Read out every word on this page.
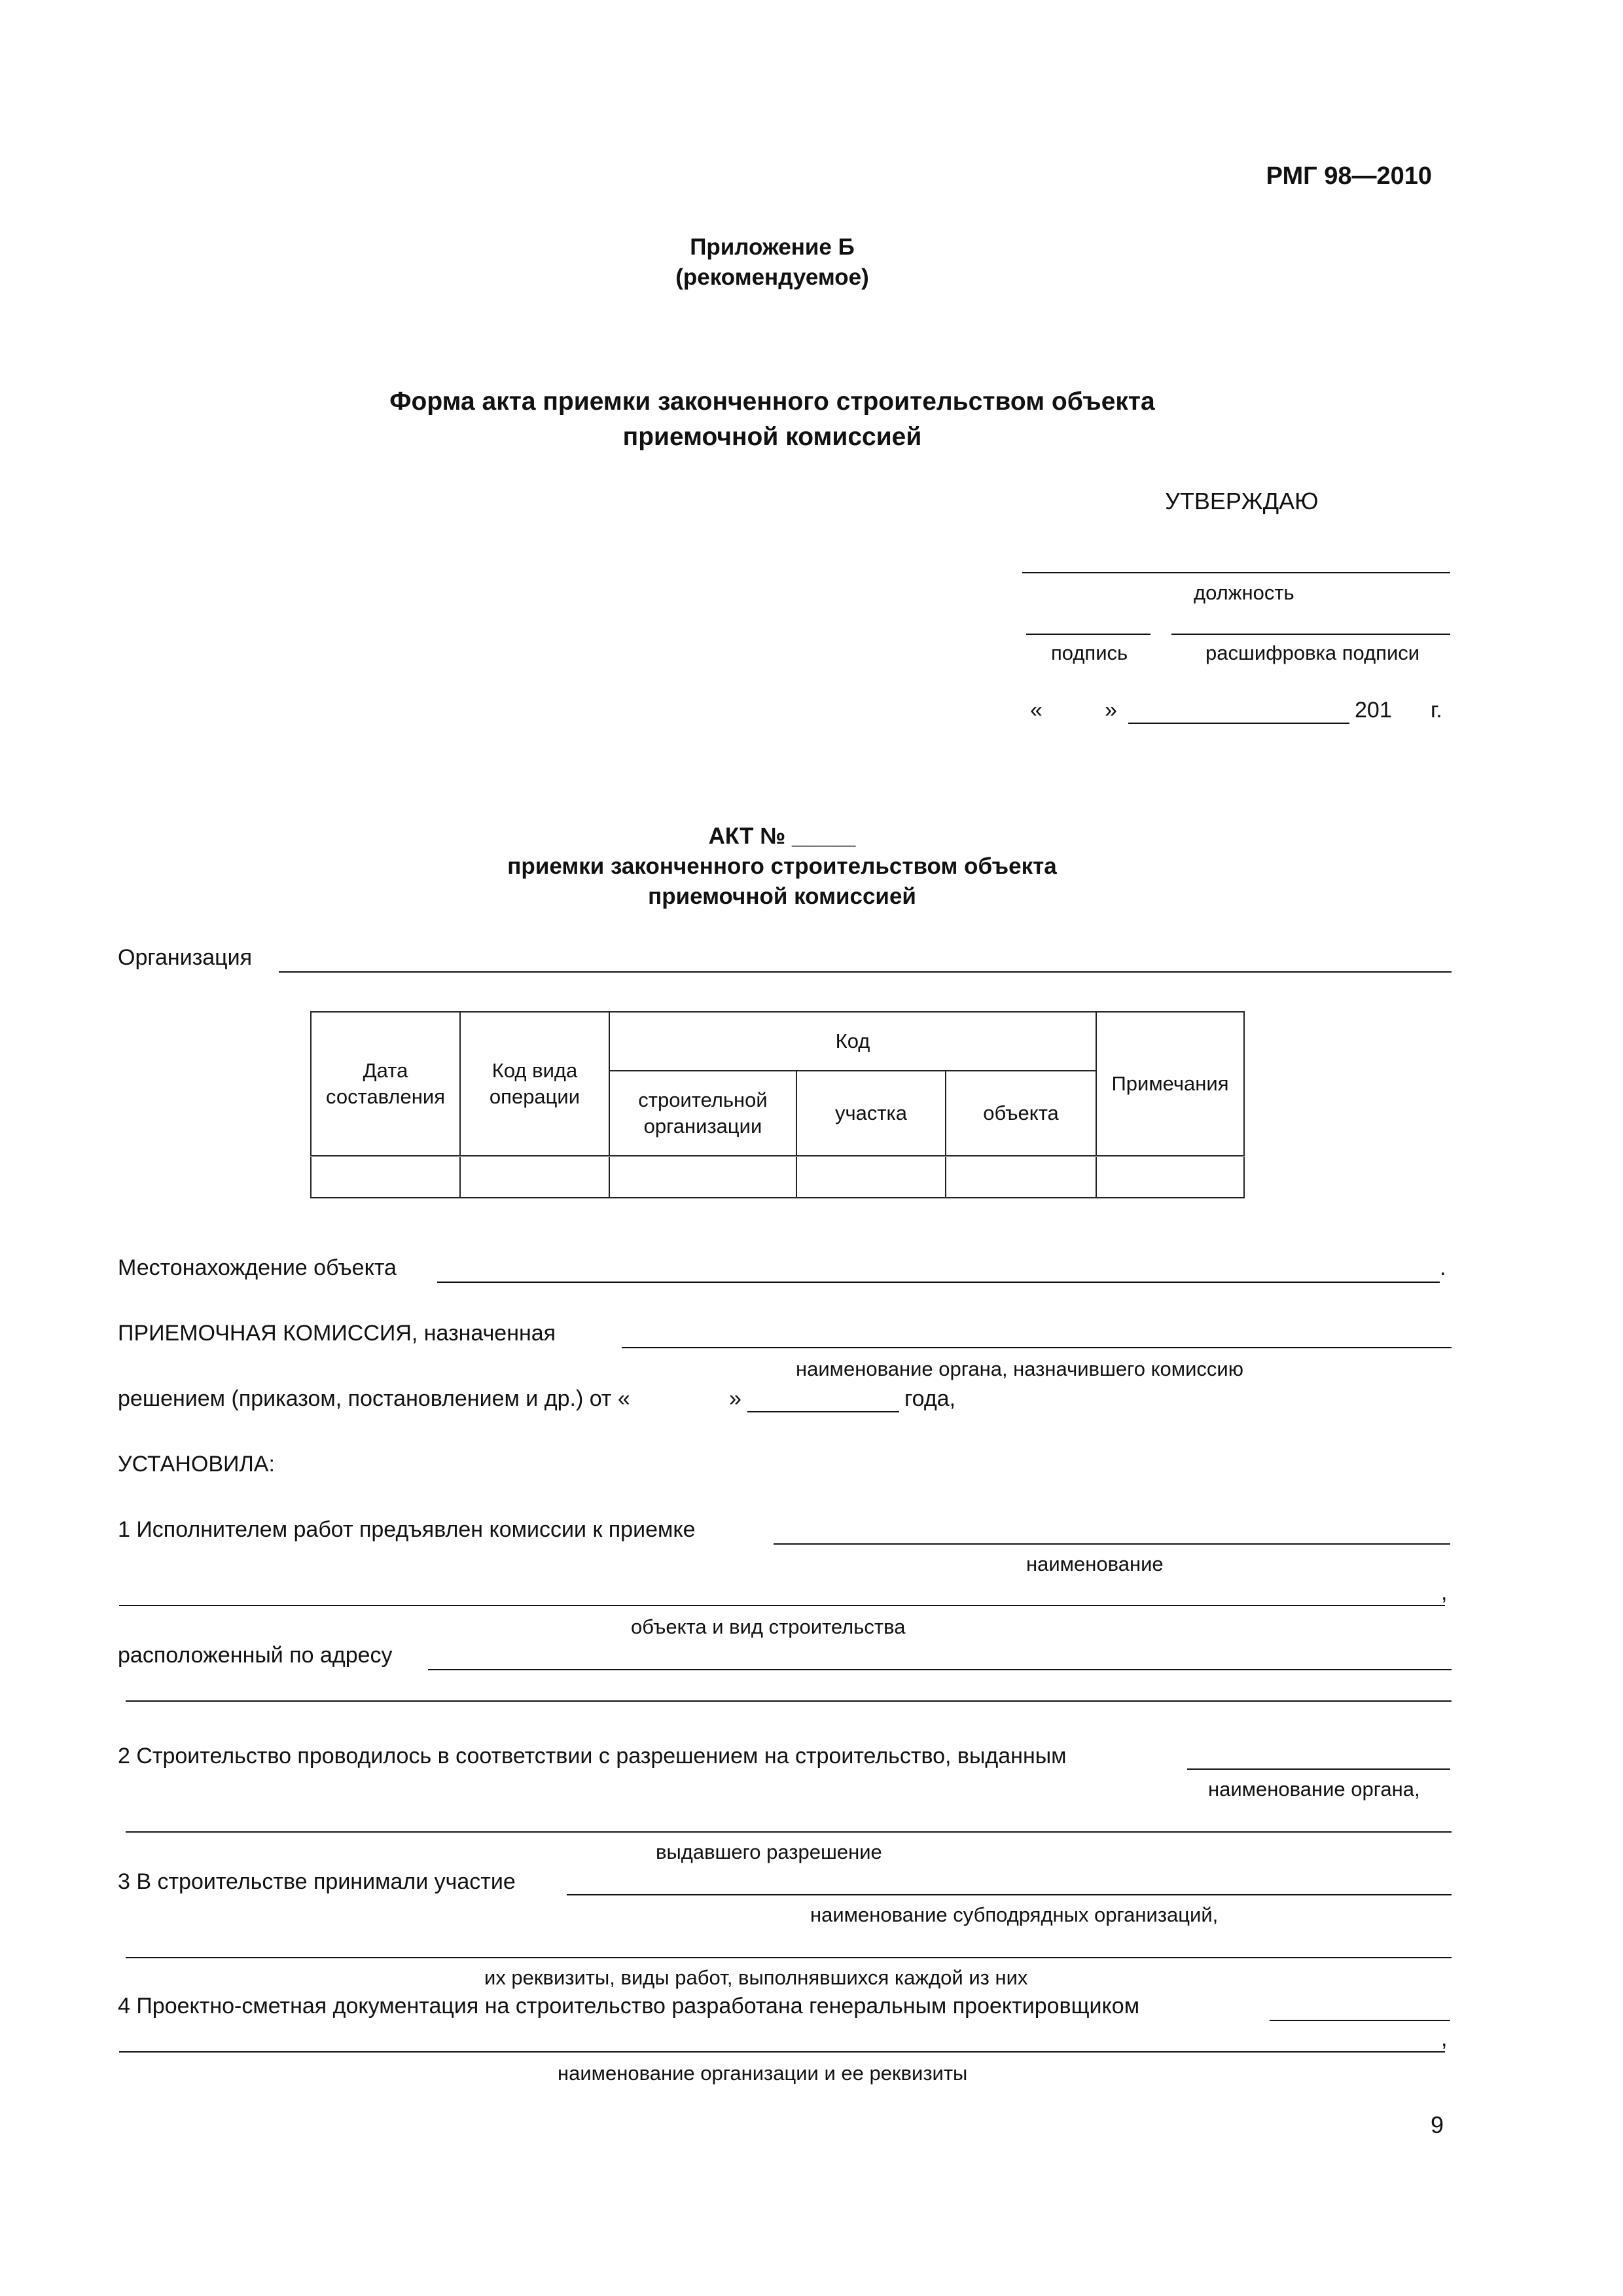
РМГ 98—2010
Приложение Б
(рекомендуемое)
Форма акта приемки законченного строительством объекта
приемочной комиссией
УТВЕРЖДАЮ
должность
подпись	расшифровка подписи
«	»	201 г.
АКТ № _____
приемки законченного строительством объекта
приемочной комиссией
Организация
Дата составления	Код вида операции	Код			Примечания
		строительной организации	участка	объекта	

Местонахождение объекта	.
ПРИЕМОЧНАЯ КОМИССИЯ, назначенная
наименование органа, назначившего комиссию
решением (приказом, постановлением и др.) от «	»	года,
УСТАНОВИЛА:
1 Исполнителем работ предъявлен комиссии к приемке
наименование
,
объекта и вид строительства
расположенный по адресу
2 Строительство проводилось в соответствии с разрешением на строительство, выданным
наименование органа,
выдавшего разрешение
3 В строительстве принимали участие
наименование субподрядных организаций,
их реквизиты, виды работ, выполнявшихся каждой из них
4 Проектно-сметная документация на строительство разработана генеральным проектировщиком
,
наименование организации и ее реквизиты
9
